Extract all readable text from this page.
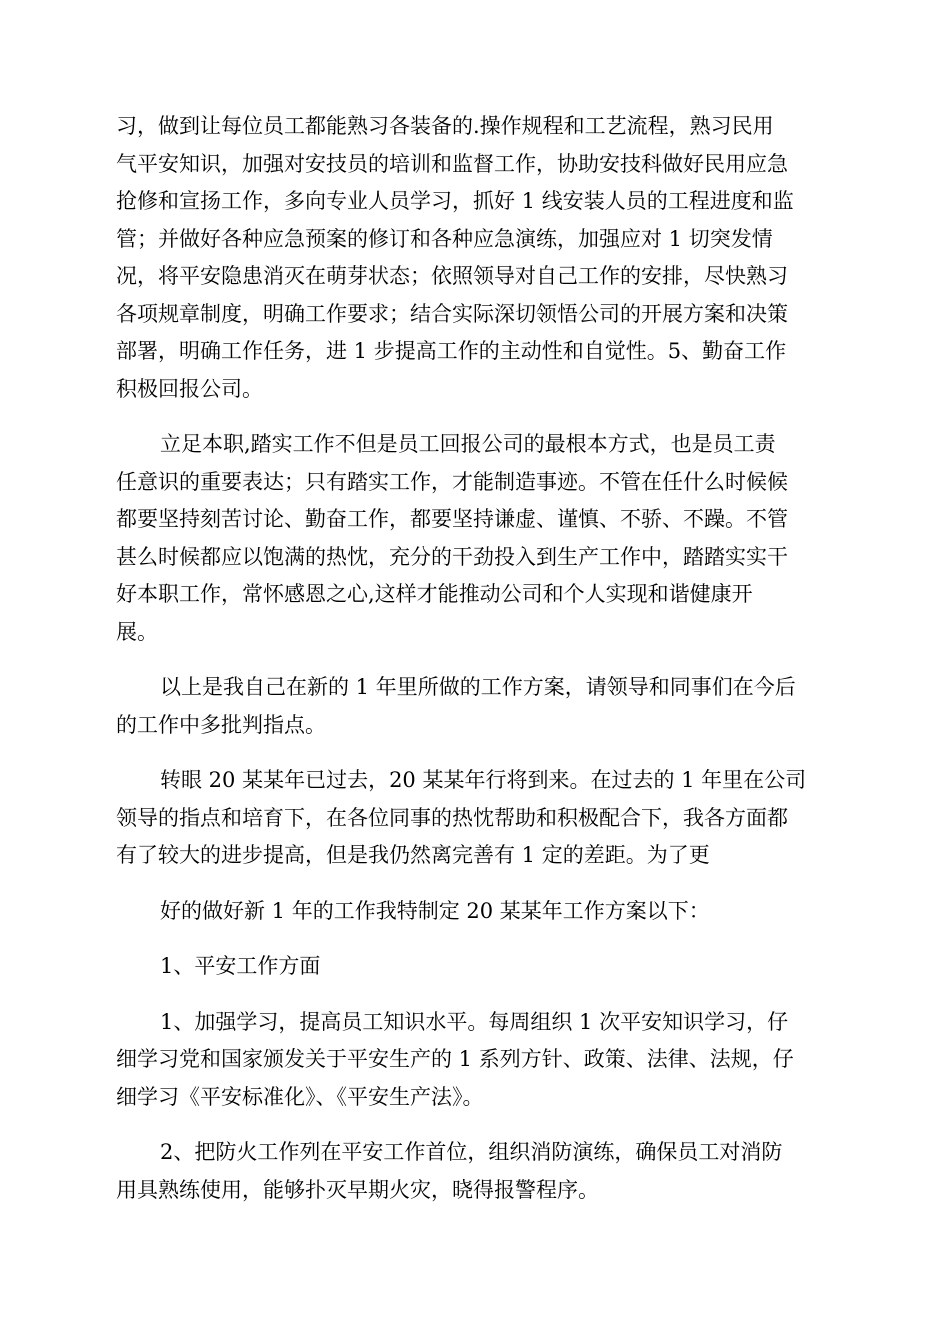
习，做到让每位员工都能熟习各装备的.操作规程和工艺流程，熟习民用
气平安知识，加强对安技员的培训和监督工作，协助安技科做好民用应急
抢修和宣扬工作，多向专业人员学习，抓好 1 线安装人员的工程进度和监
管；并做好各种应急预案的修订和各种应急演练，加强应对 1 切突发情
况，将平安隐患消灭在萌芽状态；依照领导对自己工作的安排，尽快熟习
各项规章制度，明确工作要求；结合实际深切领悟公司的开展方案和决策
部署，明确工作任务，进 1 步提高工作的主动性和自觉性。5、勤奋工作
积极回报公司。

立足本职,踏实工作不但是员工回报公司的最根本方式，也是员工责
任意识的重要表达；只有踏实工作，才能制造事迹。不管在任什么时候候
都要坚持刻苦讨论、勤奋工作，都要坚持谦虚、谨慎、不骄、不躁。不管
甚么时候都应以饱满的热忱，充分的干劲投入到生产工作中，踏踏实实干
好本职工作，常怀感恩之心,这样才能推动公司和个人实现和谐健康开
展。

以上是我自己在新的 1 年里所做的工作方案，请领导和同事们在今后
的工作中多批判指点。

转眼 20 某某年已过去，20 某某年行将到来。在过去的 1 年里在公司
领导的指点和培育下，在各位同事的热忱帮助和积极配合下，我各方面都
有了较大的进步提高，但是我仍然离完善有 1 定的差距。为了更

好的做好新 1 年的工作我特制定 20 某某年工作方案以下：

1、平安工作方面

1、加强学习，提高员工知识水平。每周组织 1 次平安知识学习，仔
细学习党和国家颁发关于平安生产的 1 系列方针、政策、法律、法规，仔
细学习《平安标准化》、《平安生产法》。

2、把防火工作列在平安工作首位，组织消防演练，确保员工对消防
用具熟练使用，能够扑灭早期火灾，晓得报警程序。
